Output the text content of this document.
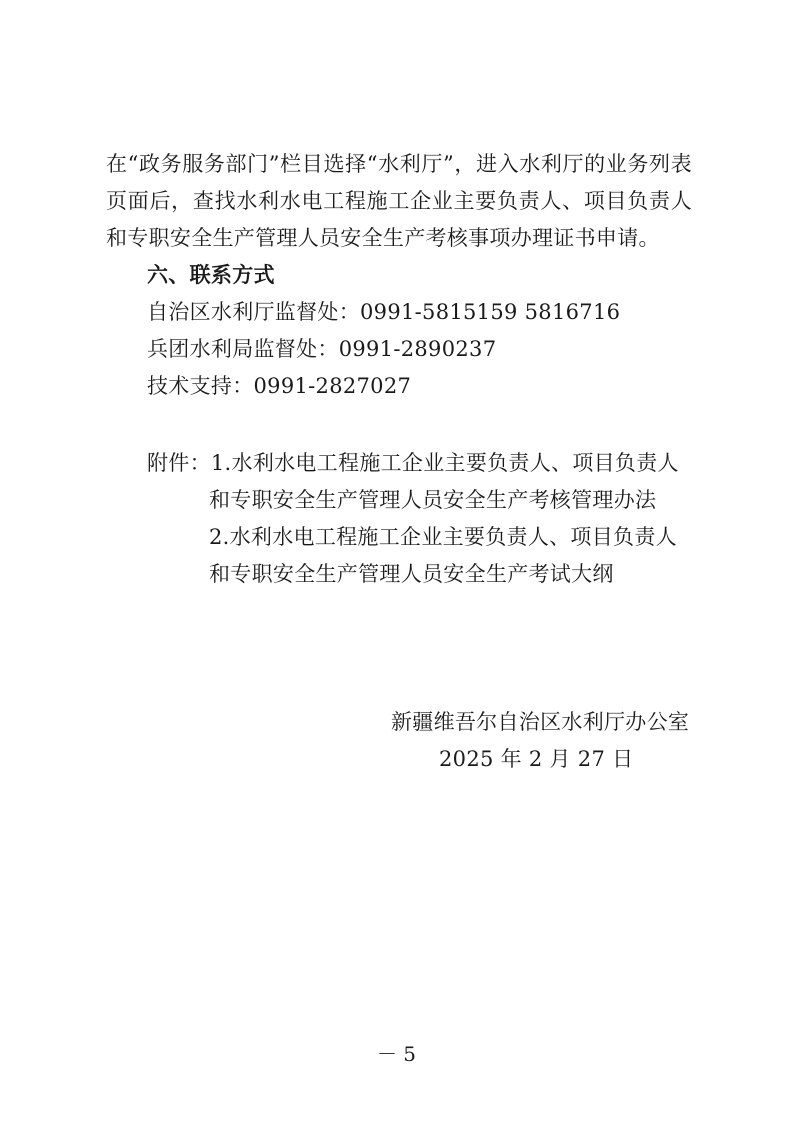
在“政务服务部门”栏目选择“水利厅”，进入水利厅的业务列表
页面后，查找水利水电工程施工企业主要负责人、项目负责人
和专职安全生产管理人员安全生产考核事项办理证书申请。
六、联系方式
自治区水利厅监督处：0991-5815159 5816716
兵团水利局监督处：0991-2890237
技术支持：0991-2827027
附件：1.水利水电工程施工企业主要负责人、项目负责人
和专职安全生产管理人员安全生产考核管理办法
2.水利水电工程施工企业主要负责人、项目负责人
和专职安全生产管理人员安全生产考试大纲
新疆维吾尔自治区水利厅办公室
2025 年 2 月 27 日
－ 5
